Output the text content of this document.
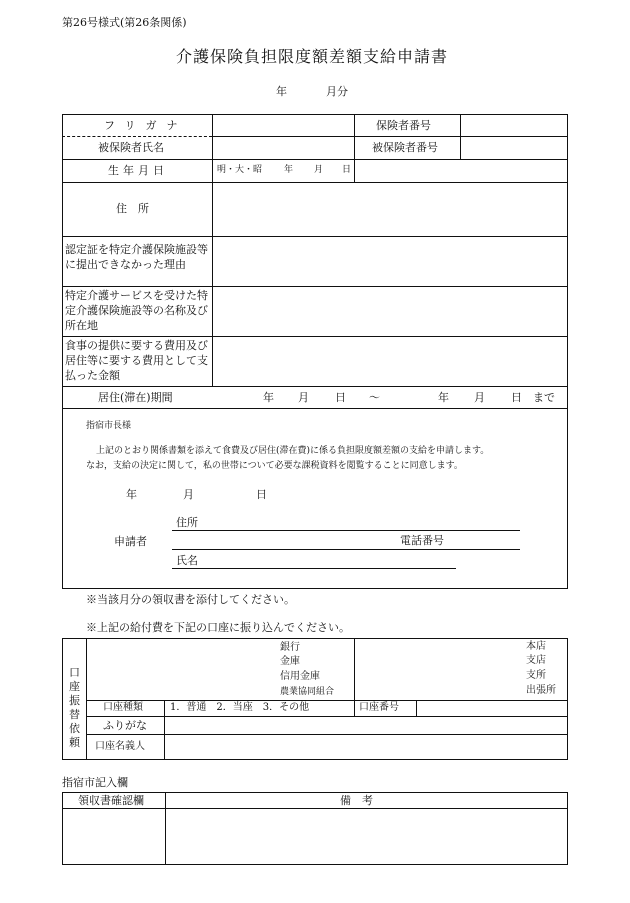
第26号様式(第26条関係)
介護保険負担限度額差額支給申請書
年	月分
フリガナ	保険者番号
被保険者氏名	被保険者番号
生年月日	明・大・昭 年 月 日
住　所
認定証を特定介護保険施設等に提出できなかった理由
特定介護サービスを受けた特定介護保険施設等の名称及び所在地
食事の提供に要する費用及び居住等に要する費用として支払った金額
居住(滞在)期間	年 月 日 〜	年 月 日 まで
指宿市長様
上記のとおり関係書類を添えて食費及び居住(滞在費)に係る負担限度額差額の支給を申請します。
なお，支給の決定に関して，私の世帯について必要な課税資料を閲覧することに同意します。
年	月	日
申請者
住所
電話番号
氏名
※当該月分の領収書を添付してください。
※上記の給付費を下記の口座に振り込んでください。
口
座
振
替
依
頼
銀行
金庫
信用金庫
農業協同組合
本店
支店
支所
出張所
口座種類	1．普通　2．当座　3．その他	口座番号
ふりがな
口座名義人
指宿市記入欄
領収書確認欄	備　考
